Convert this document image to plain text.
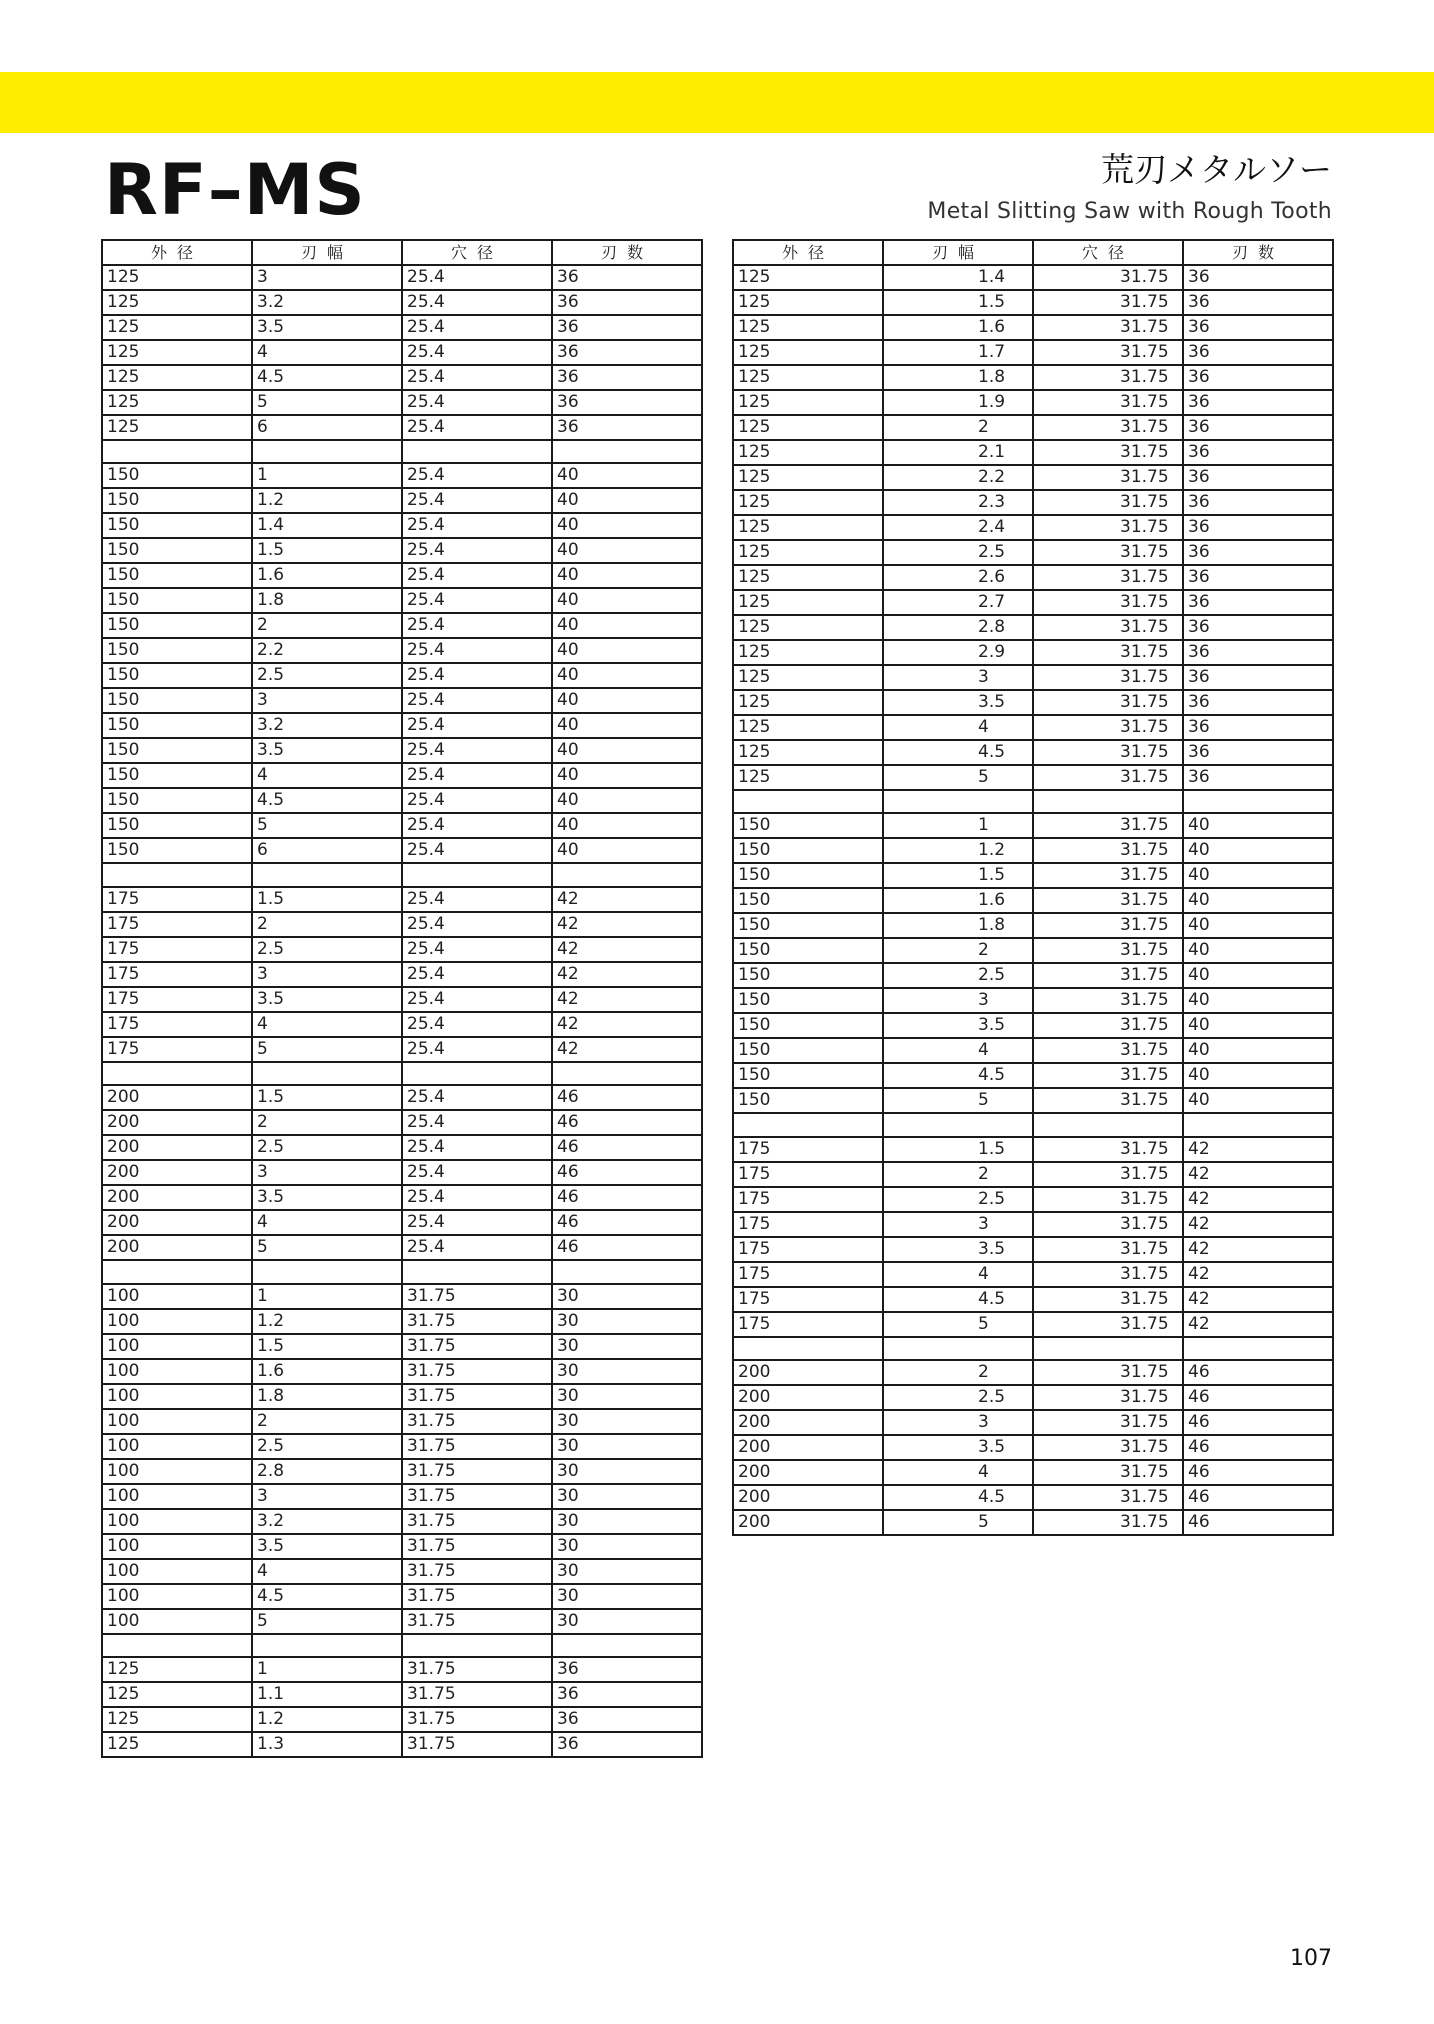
RF–MS	荒刃メタルソー
Metal Slitting Saw with Rough Tooth
外径	刃幅	穴径	刃数
125	3	25.4	36
125	3.2	25.4	36
125	3.5	25.4	36
125	4	25.4	36
125	4.5	25.4	36
125	5	25.4	36
125	6	25.4	36

150	1	25.4	40
150	1.2	25.4	40
150	1.4	25.4	40
150	1.5	25.4	40
150	1.6	25.4	40
150	1.8	25.4	40
150	2	25.4	40
150	2.2	25.4	40
150	2.5	25.4	40
150	3	25.4	40
150	3.2	25.4	40
150	3.5	25.4	40
150	4	25.4	40
150	4.5	25.4	40
150	5	25.4	40
150	6	25.4	40

175	1.5	25.4	42
175	2	25.4	42
175	2.5	25.4	42
175	3	25.4	42
175	3.5	25.4	42
175	4	25.4	42
175	5	25.4	42

200	1.5	25.4	46
200	2	25.4	46
200	2.5	25.4	46
200	3	25.4	46
200	3.5	25.4	46
200	4	25.4	46
200	5	25.4	46

100	1	31.75	30
100	1.2	31.75	30
100	1.5	31.75	30
100	1.6	31.75	30
100	1.8	31.75	30
100	2	31.75	30
100	2.5	31.75	30
100	2.8	31.75	30
100	3	31.75	30
100	3.2	31.75	30
100	3.5	31.75	30
100	4	31.75	30
100	4.5	31.75	30
100	5	31.75	30

125	1	31.75	36
125	1.1	31.75	36
125	1.2	31.75	36
125	1.3	31.75	36
外径	刃幅	穴径	刃数
125	1.4	31.75	36
125	1.5	31.75	36
125	1.6	31.75	36
125	1.7	31.75	36
125	1.8	31.75	36
125	1.9	31.75	36
125	2	31.75	36
125	2.1	31.75	36
125	2.2	31.75	36
125	2.3	31.75	36
125	2.4	31.75	36
125	2.5	31.75	36
125	2.6	31.75	36
125	2.7	31.75	36
125	2.8	31.75	36
125	2.9	31.75	36
125	3	31.75	36
125	3.5	31.75	36
125	4	31.75	36
125	4.5	31.75	36
125	5	31.75	36

150	1	31.75	40
150	1.2	31.75	40
150	1.5	31.75	40
150	1.6	31.75	40
150	1.8	31.75	40
150	2	31.75	40
150	2.5	31.75	40
150	3	31.75	40
150	3.5	31.75	40
150	4	31.75	40
150	4.5	31.75	40
150	5	31.75	40

175	1.5	31.75	42
175	2	31.75	42
175	2.5	31.75	42
175	3	31.75	42
175	3.5	31.75	42
175	4	31.75	42
175	4.5	31.75	42
175	5	31.75	42

200	2	31.75	46
200	2.5	31.75	46
200	3	31.75	46
200	3.5	31.75	46
200	4	31.75	46
200	4.5	31.75	46
200	5	31.75	46
107
